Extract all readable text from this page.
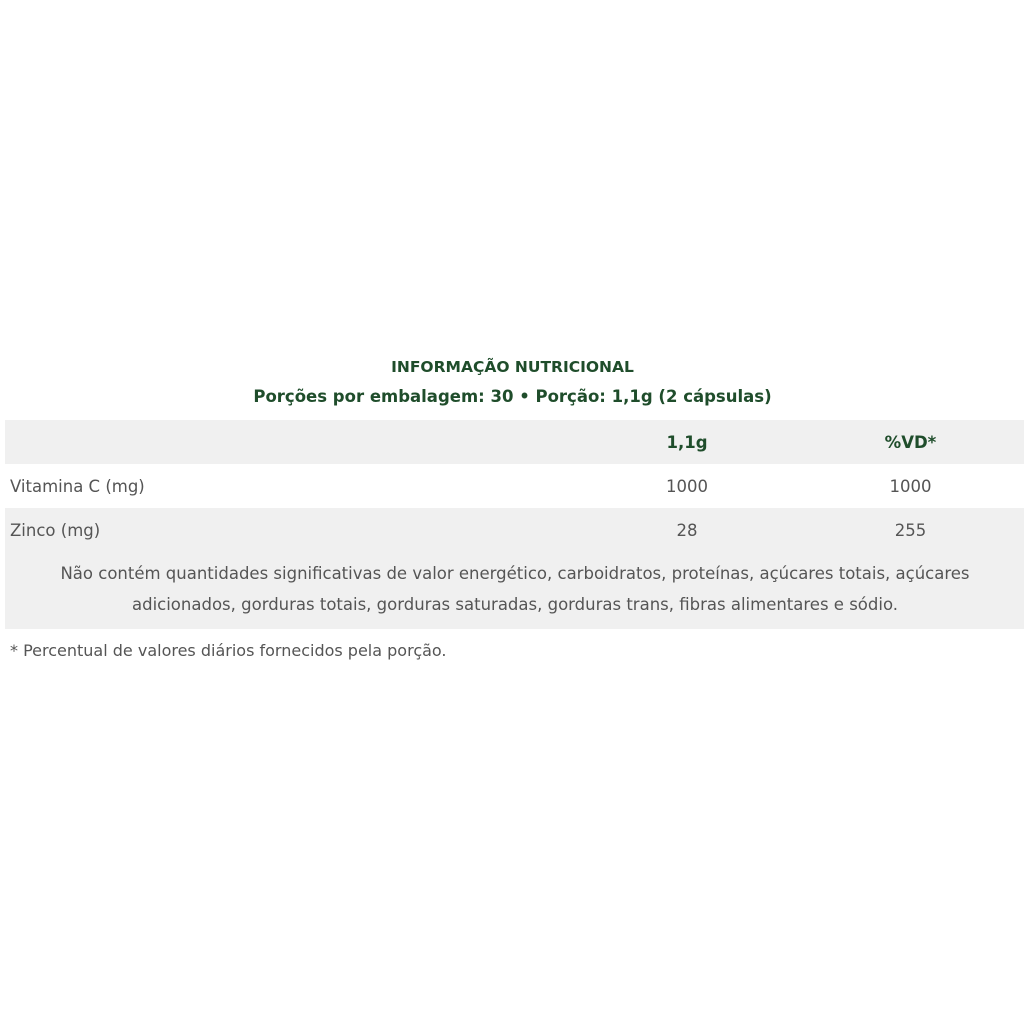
INFORMAÇÃO NUTRICIONAL
Porções por embalagem: 30 • Porção: 1,1g (2 cápsulas)
	1,1g	%VD*
Vitamina C (mg)	1000	1000
Zinco (mg)	28	255
Não contém quantidades significativas de valor energético, carboidratos, proteínas, açúcares totais, açúcares adicionados, gorduras totais, gorduras saturadas, gorduras trans, fibras alimentares e sódio.		
* Percentual de valores diários fornecidos pela porção.
